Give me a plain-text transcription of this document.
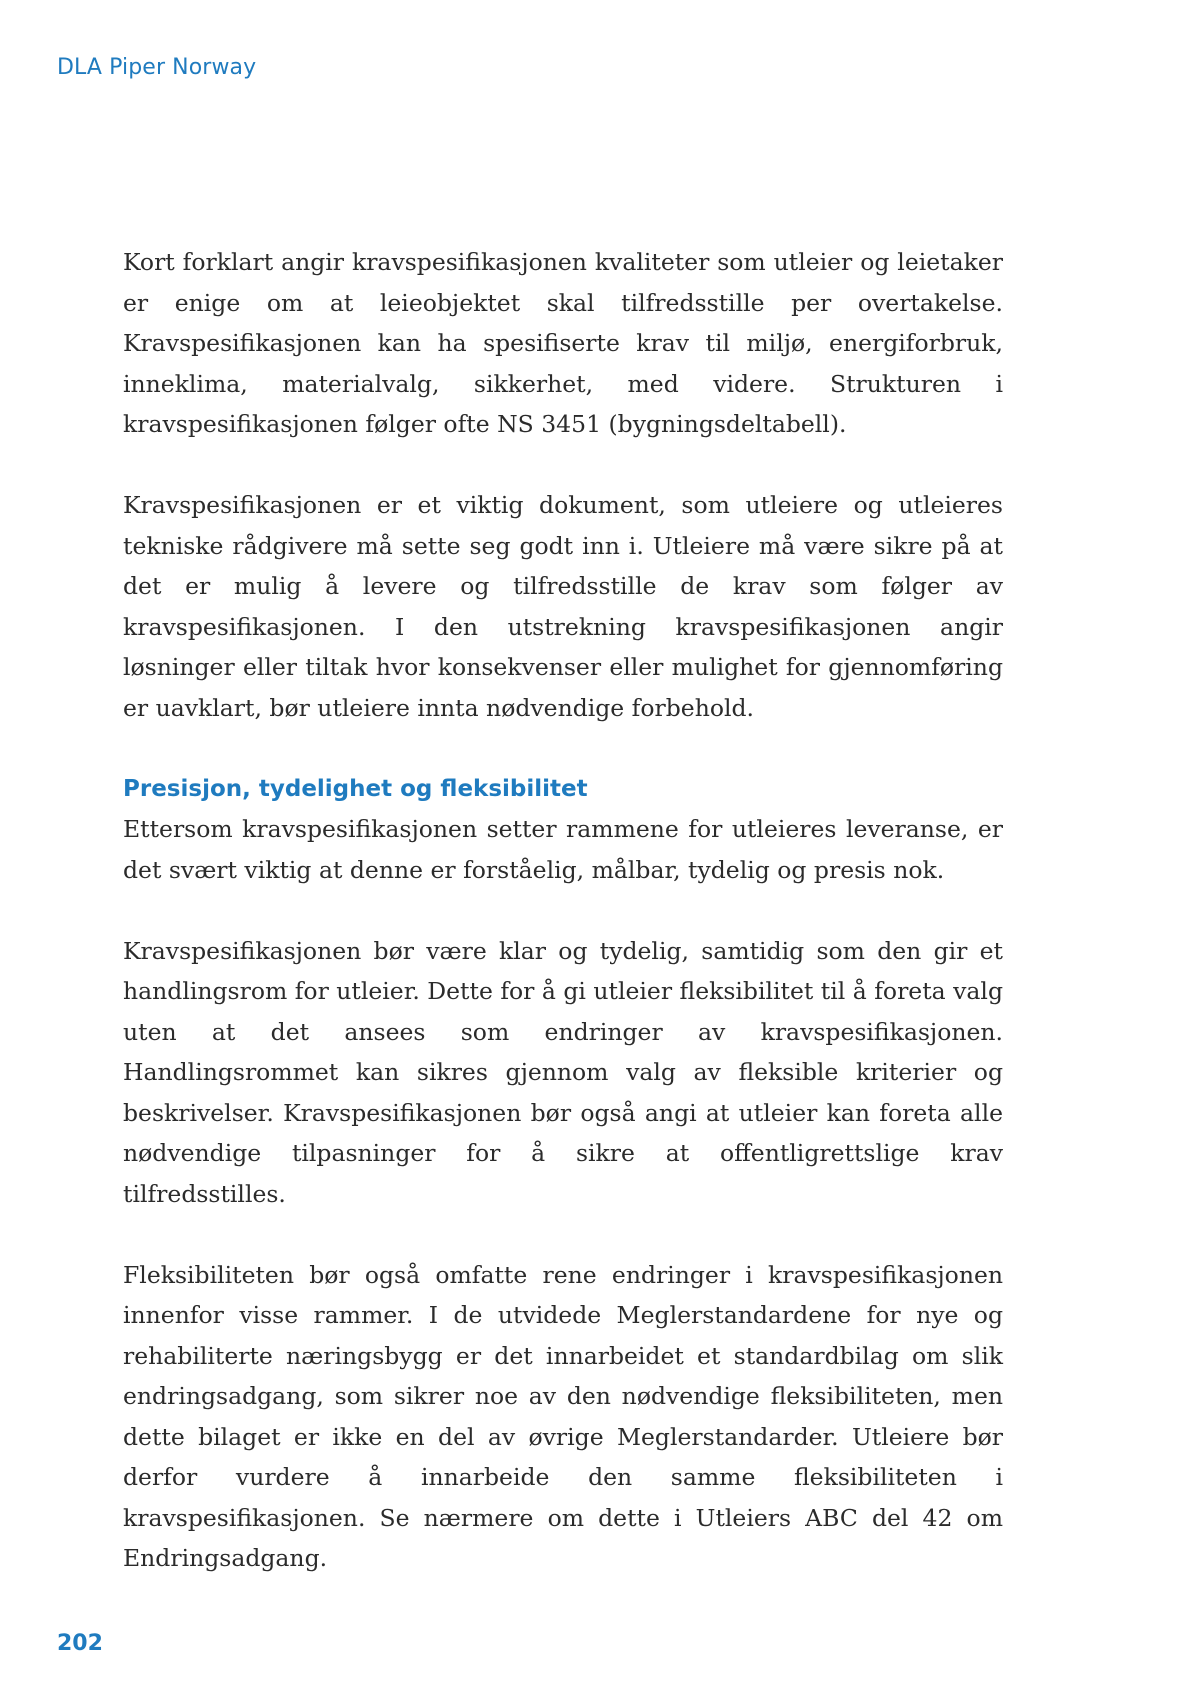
DLA Piper Norway

Kort forklart angir kravspesifikasjonen kvaliteter som utleier og leietaker er enige om at leieobjektet skal tilfredsstille per overtakelse. Kravspesifikasjonen kan ha spesifiserte krav til miljø, energiforbruk, inneklima, materialvalg, sikkerhet, med videre. Strukturen i kravspesifikasjonen følger ofte NS 3451 (bygningsdeltabell).

Kravspesifikasjonen er et viktig dokument, som utleiere og utleieres tekniske rådgivere må sette seg godt inn i. Utleiere må være sikre på at det er mulig å levere og tilfredsstille de krav som følger av kravspesifikasjonen. I den utstrekning kravspesifikasjonen angir løsninger eller tiltak hvor konsekvenser eller mulighet for gjennomføring er uavklart, bør utleiere innta nødvendige forbehold.

Presisjon, tydelighet og fleksibilitet

Ettersom kravspesifikasjonen setter rammene for utleieres leveranse, er det svært viktig at denne er forståelig, målbar, tydelig og presis nok.

Kravspesifikasjonen bør være klar og tydelig, samtidig som den gir et handlingsrom for utleier. Dette for å gi utleier fleksibilitet til å foreta valg uten at det ansees som endringer av kravspesifikasjonen. Handlingsrommet kan sikres gjennom valg av fleksible kriterier og beskrivelser. Kravspesifikasjonen bør også angi at utleier kan foreta alle nødvendige tilpasninger for å sikre at offentligrettslige krav tilfredsstilles.

Fleksibiliteten bør også omfatte rene endringer i kravspesifikasjonen innenfor visse rammer. I de utvidede Meglerstandardene for nye og rehabiliterte næringsbygg er det innarbeidet et standardbilag om slik endringsadgang, som sikrer noe av den nødvendige fleksibiliteten, men dette bilaget er ikke en del av øvrige Meglerstandarder. Utleiere bør derfor vurdere å innarbeide den samme fleksibiliteten i kravspesifikasjonen. Se nærmere om dette i Utleiers ABC del 42 om Endringsadgang.

202
